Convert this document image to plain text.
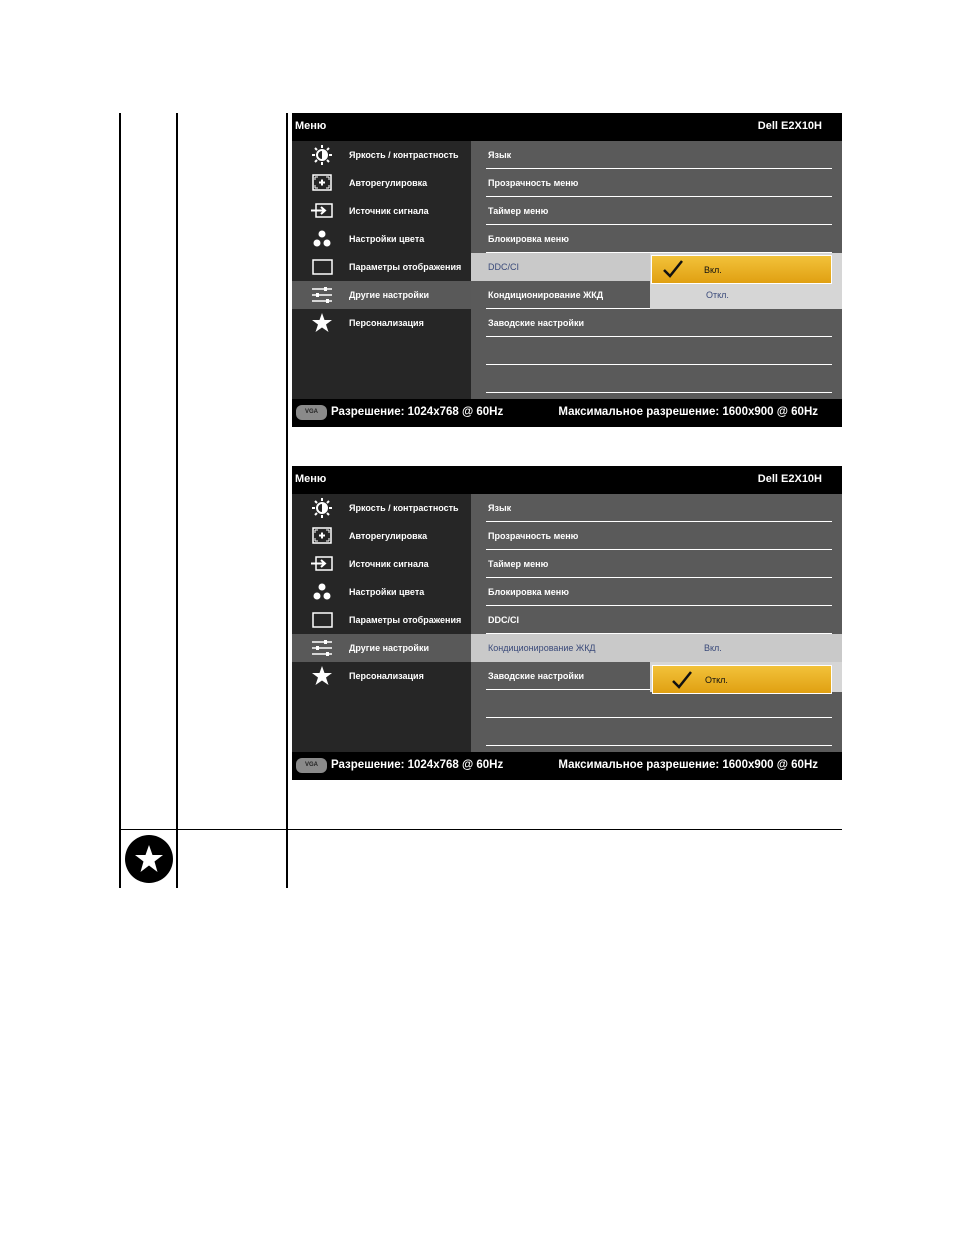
Меню	Dell E2X10H
Яркость / контрастность
Авторегулировка
Источник сигнала
Настройки цвета
Параметры отображения
Другие настройки
Персонализация
Язык
Прозрачность меню
Таймер меню
Блокировка меню
DDC/CI
Кондиционирование ЖКД	Откл.
Заводские настройки
Вкл.
VGA	Разрешение: 1024x768 @ 60Hz	Максимальное разрешение: 1600x900 @ 60Hz
Меню	Dell E2X10H
Яркость / контрастность
Авторегулировка
Источник сигнала
Настройки цвета
Параметры отображения
Другие настройки
Персонализация
Язык
Прозрачность меню
Таймер меню
Блокировка меню
DDC/CI
Кондиционирование ЖКД	Вкл.
Заводские настройки	Откл.
VGA	Разрешение: 1024x768 @ 60Hz	Максимальное разрешение: 1600x900 @ 60Hz
